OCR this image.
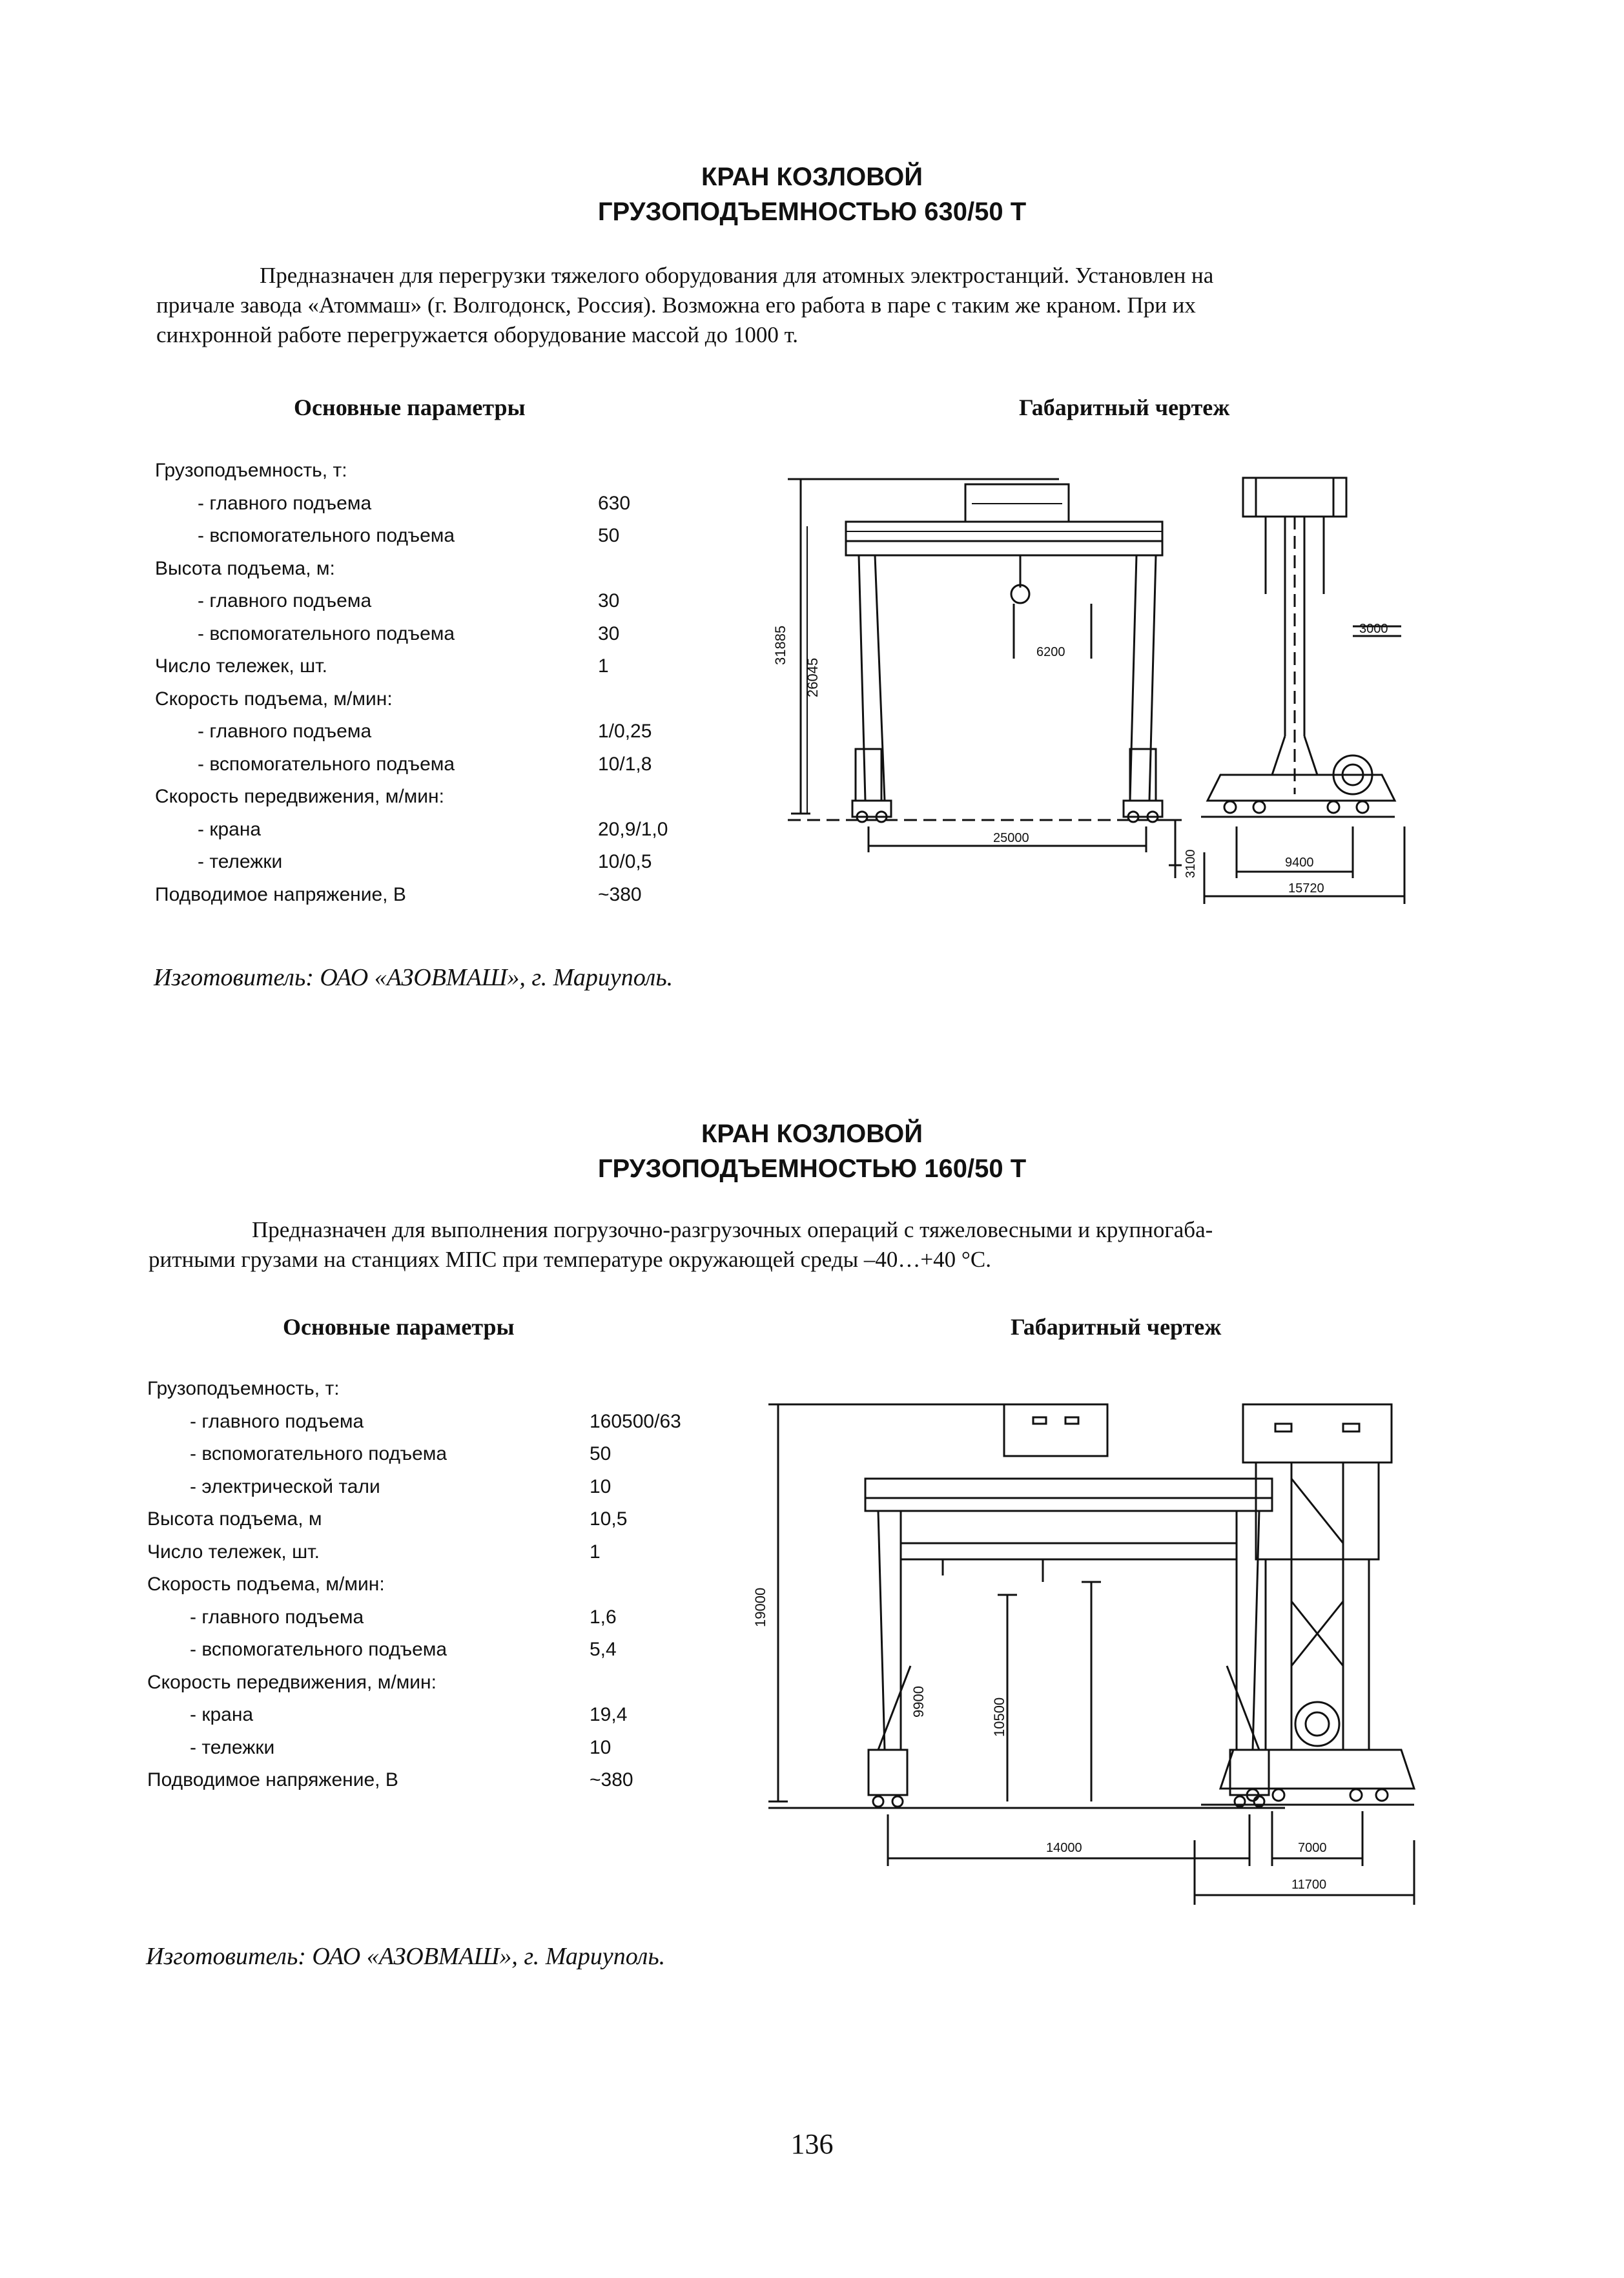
КРАН КОЗЛОВОЙ
ГРУЗОПОДЪЕМНОСТЬЮ 630/50 Т
Предназначен для перегрузки тяжелого оборудования для атомных электростанций. Установлен на
причале завода «Атоммаш» (г. Волгодонск, Россия). Возможна его работа в паре с таким же краном. При их
синхронной работе перегружается оборудование массой до 1000 т.
Основные параметры	Габаритный чертеж
Грузоподъемность, т:
- главного подъема	630
- вспомогательного подъема	50
Высота подъема, м:
- главного подъема	30
- вспомогательного подъема	30
Число тележек, шт.	1
Скорость подъема, м/мин:
- главного подъема	1/0,25
- вспомогательного подъема	10/1,8
Скорость передвижения, м/мин:
- крана	20,9/1,0
- тележки	10/0,5
Подводимое напряжение, В	~380
31885
26045
6200
25000
3000
3100	9400
15720
Изготовитель: ОАО «АЗОВМАШ», г. Мариуполь.
КРАН КОЗЛОВОЙ
ГРУЗОПОДЪЕМНОСТЬЮ 160/50 Т
Предназначен для выполнения погрузочно-разгрузочных операций с тяжеловесными и крупногаба-
ритными грузами на станциях МПС при температуре окружающей среды –40…+40 °С.
Основные параметры	Габаритный чертеж
Грузоподъемность, т:
- главного подъема	160500/63
- вспомогательного подъема	50
- электрической тали	10
Высота подъема, м	10,5
Число тележек, шт.	1
Скорость подъема, м/мин:
- главного подъема	1,6
- вспомогательного подъема	5,4
Скорость передвижения, м/мин:
- крана	19,4
- тележки	10
Подводимое напряжение, В	~380
19000
9900	10500
14000	7000
11700
Изготовитель: ОАО «АЗОВМАШ», г. Мариуполь.
136
